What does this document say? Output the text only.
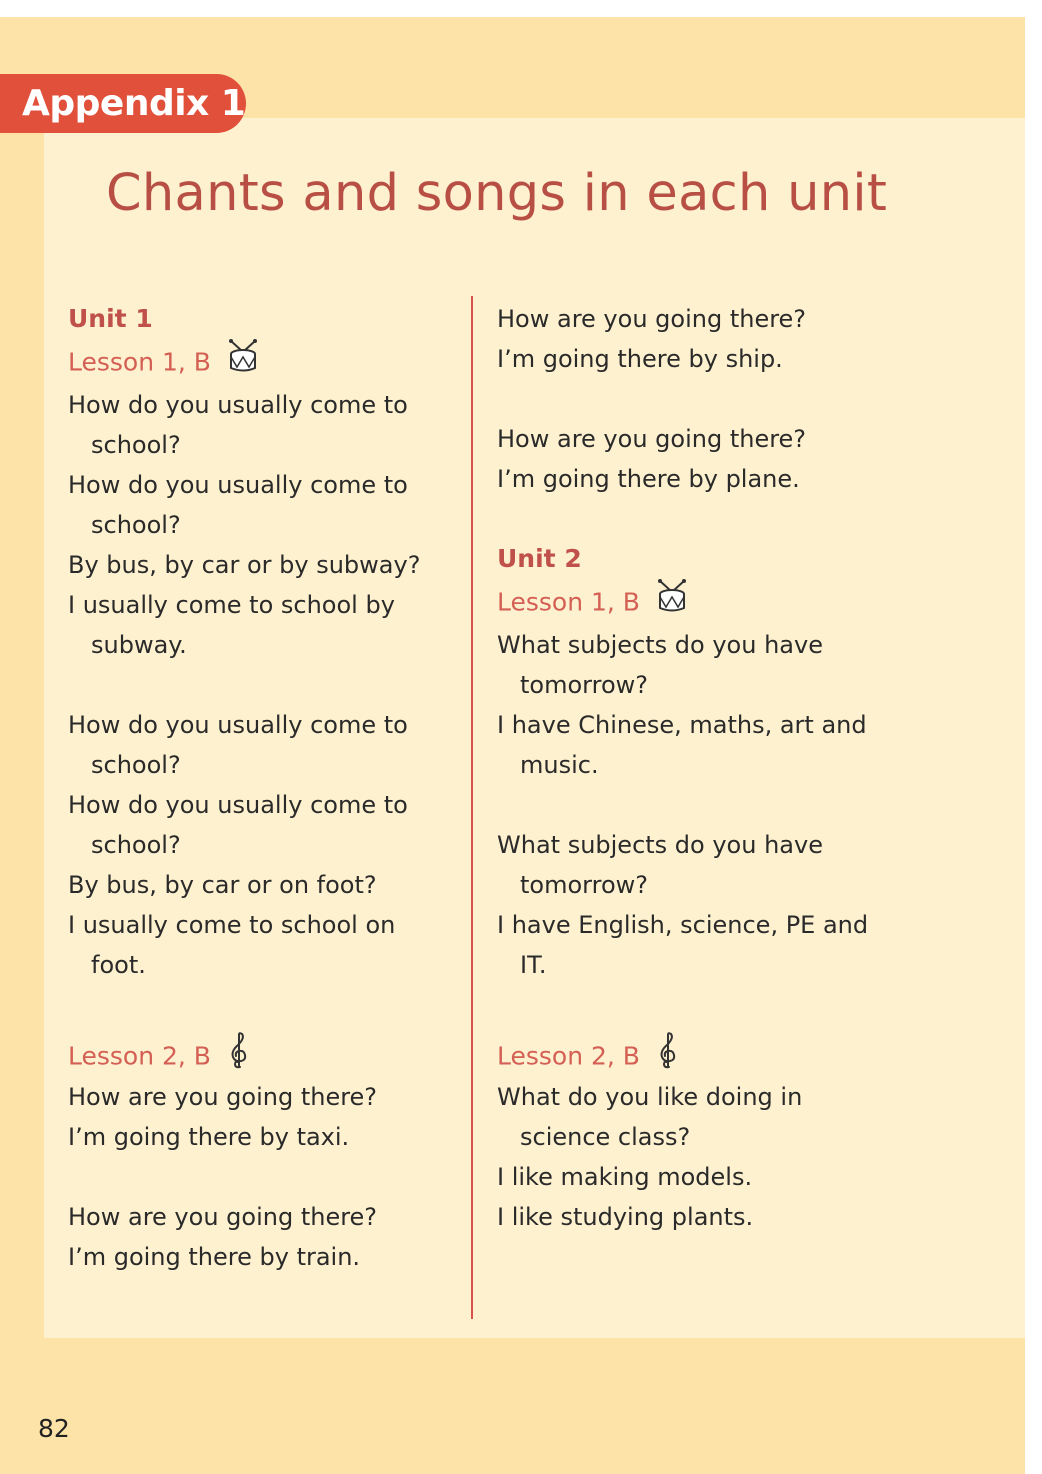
Appendix 1
Chants and songs in each unit
Unit 1
Lesson 1, B
How do you usually come to
school?
How do you usually come to
school?
By bus, by car or by subway?
I usually come to school by
subway.
How do you usually come to
school?
How do you usually come to
school?
By bus, by car or on foot?
I usually come to school on
foot.
Lesson 2, B
How are you going there?
I’m going there by taxi.
How are you going there?
I’m going there by train.
How are you going there?
I’m going there by ship.
How are you going there?
I’m going there by plane.
Unit 2
Lesson 1, B
What subjects do you have
tomorrow?
I have Chinese, maths, art and
music.
What subjects do you have
tomorrow?
I have English, science, PE and
IT.
Lesson 2, B
What do you like doing in
science class?
I like making models.
I like studying plants.
82
